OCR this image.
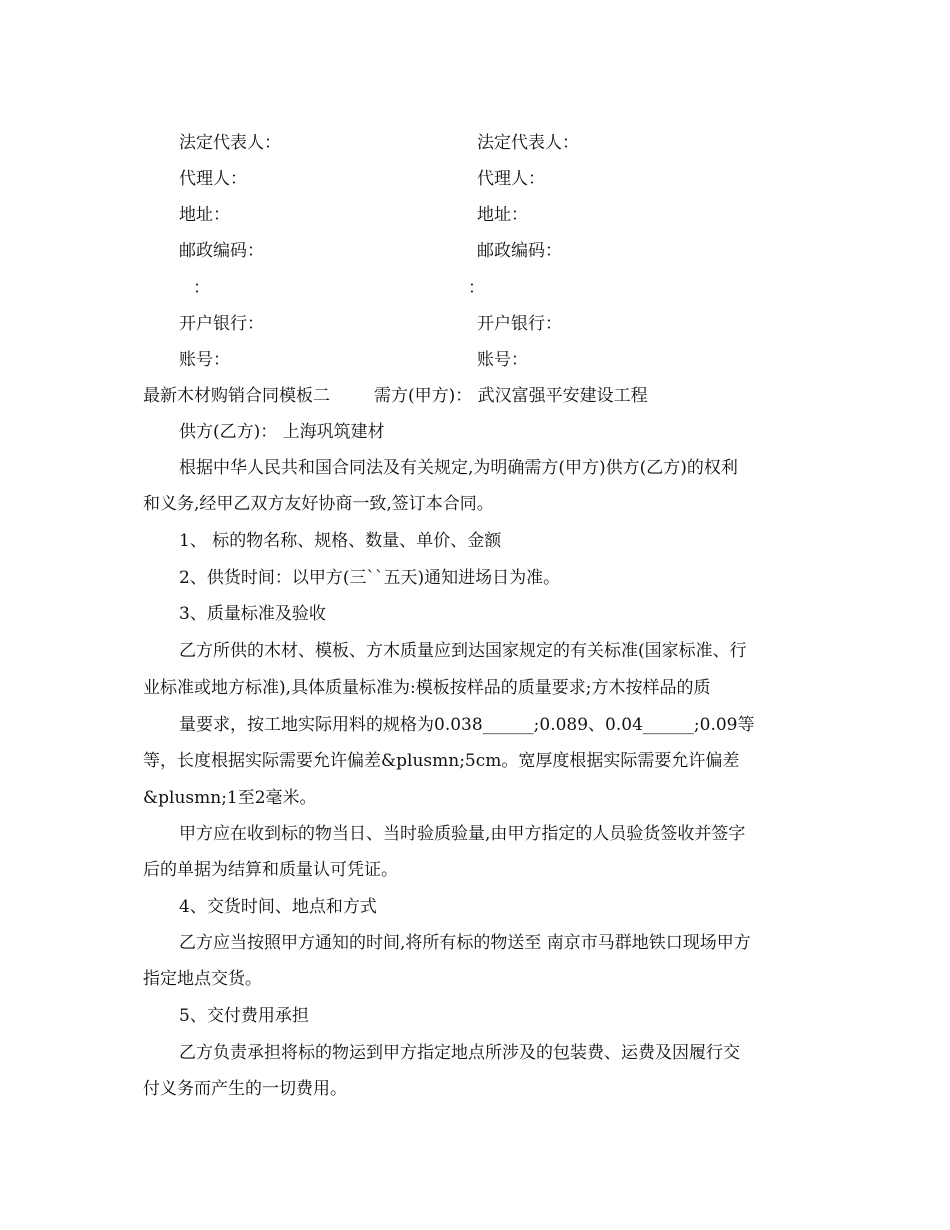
法定代表人：	法定代表人：
代理人：	代理人：
地址：	地址：
邮政编码：	邮政编码：
：	：
开户银行：	开户银行：
账号：	账号：
最新木材购销合同模板二	需方(甲方)： 武汉富强平安建设工程
供方(乙方)： 上海巩筑建材
根据中华人民共和国合同法及有关规定,为明确需方(甲方)供方(乙方)的权利
和义务,经甲乙双方友好协商一致,签订本合同。
1、 标的物名称、规格、数量、单价、金额
2、供货时间：以甲方(三``五天)通知进场日为准。
3、质量标准及验收
乙方所供的木材、模板、方木质量应到达国家规定的有关标准(国家标准、行
业标准或地方标准),具体质量标准为:模板按样品的质量要求;方木按样品的质
量要求，按工地实际用料的规格为0.038______;0.089、0.04______;0.09等
等，长度根据实际需要允许偏差&plusmn;5cm。宽厚度根据实际需要允许偏差
&plusmn;1至2毫米。
甲方应在收到标的物当日、当时验质验量,由甲方指定的人员验货签收并签字
后的单据为结算和质量认可凭证。
4、交货时间、地点和方式
乙方应当按照甲方通知的时间,将所有标的物送至 南京市马群地铁口现场甲方
指定地点交货。
5、交付费用承担
乙方负责承担将标的物运到甲方指定地点所涉及的包装费、运费及因履行交
付义务而产生的一切费用。
